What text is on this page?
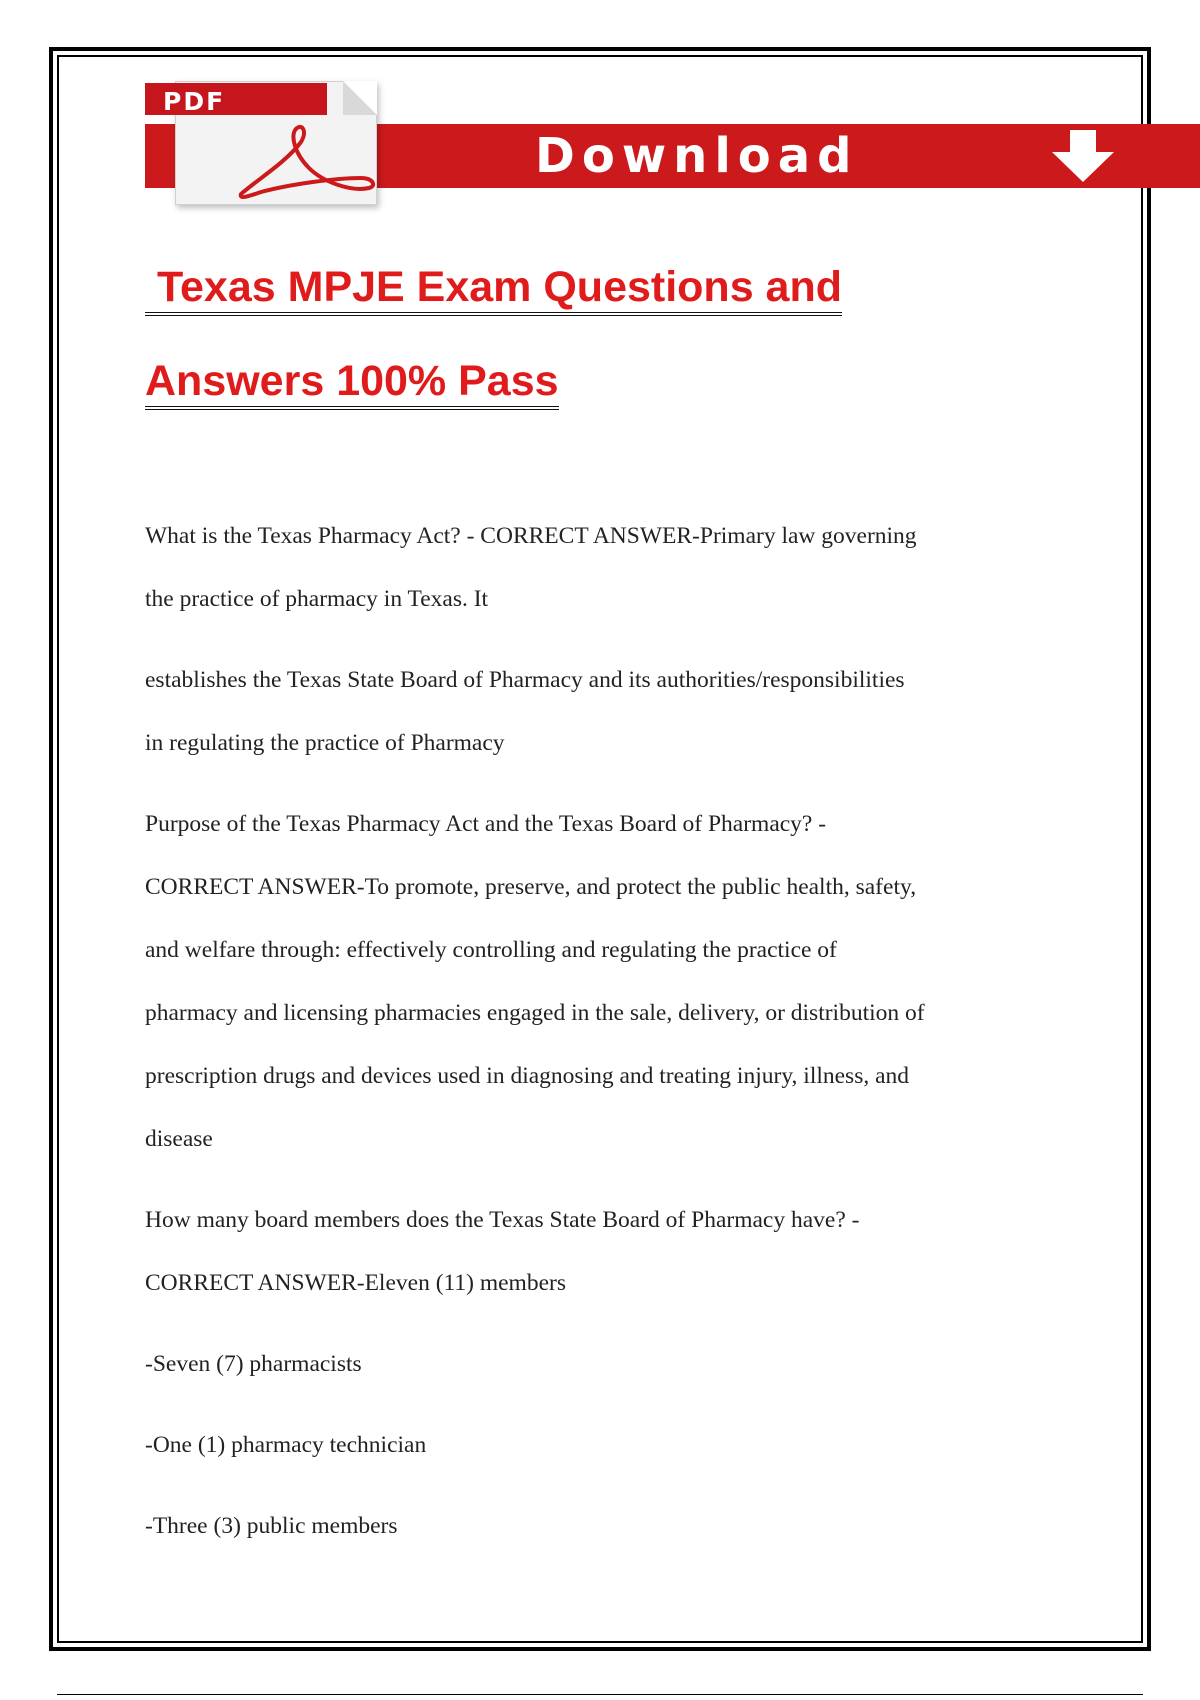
Download
PDF
Texas MPJE Exam Questions and
Answers 100% Pass

What is the Texas Pharmacy Act? - CORRECT ANSWER-Primary law governing
the practice of pharmacy in Texas. It

establishes the Texas State Board of Pharmacy and its authorities/responsibilities
in regulating the practice of Pharmacy

Purpose of the Texas Pharmacy Act and the Texas Board of Pharmacy? -
CORRECT ANSWER-To promote, preserve, and protect the public health, safety,
and welfare through: effectively controlling and regulating the practice of
pharmacy and licensing pharmacies engaged in the sale, delivery, or distribution of
prescription drugs and devices used in diagnosing and treating injury, illness, and
disease

How many board members does the Texas State Board of Pharmacy have? -
CORRECT ANSWER-Eleven (11) members

-Seven (7) pharmacists

-One (1) pharmacy technician

-Three (3) public members
